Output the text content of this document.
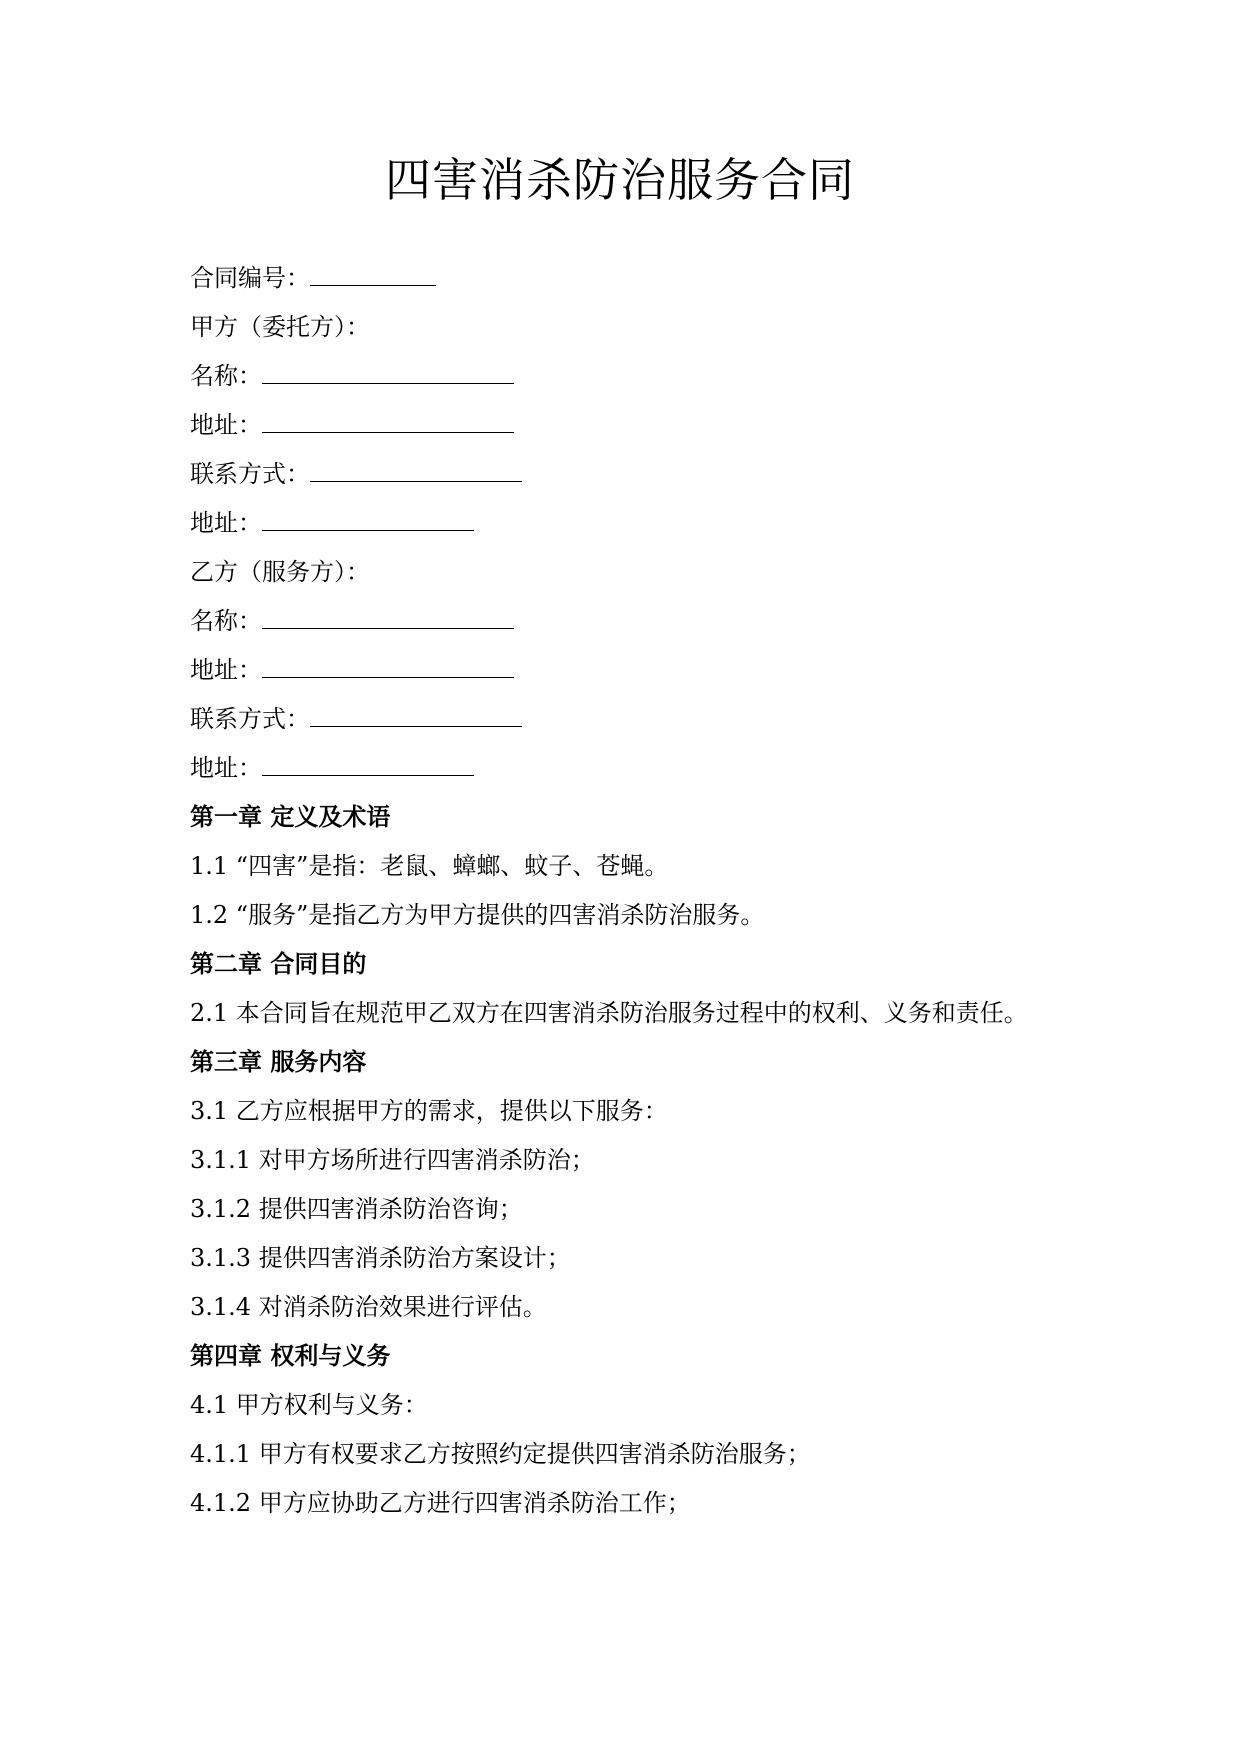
四害消杀防治服务合同
合同编号：
甲方（委托方）：
名称：
地址：
联系方式：
地址：
乙方（服务方）：
名称：
地址：
联系方式：
地址：
第一章 定义及术语
1.1 “四害”是指：老鼠、蟑螂、蚊子、苍蝇。
1.2 “服务”是指乙方为甲方提供的四害消杀防治服务。
第二章 合同目的
2.1 本合同旨在规范甲乙双方在四害消杀防治服务过程中的权利、义务和责任。
第三章 服务内容
3.1 乙方应根据甲方的需求，提供以下服务：
3.1.1 对甲方场所进行四害消杀防治；
3.1.2 提供四害消杀防治咨询；
3.1.3 提供四害消杀防治方案设计；
3.1.4 对消杀防治效果进行评估。
第四章 权利与义务
4.1 甲方权利与义务：
4.1.1 甲方有权要求乙方按照约定提供四害消杀防治服务；
4.1.2 甲方应协助乙方进行四害消杀防治工作；
